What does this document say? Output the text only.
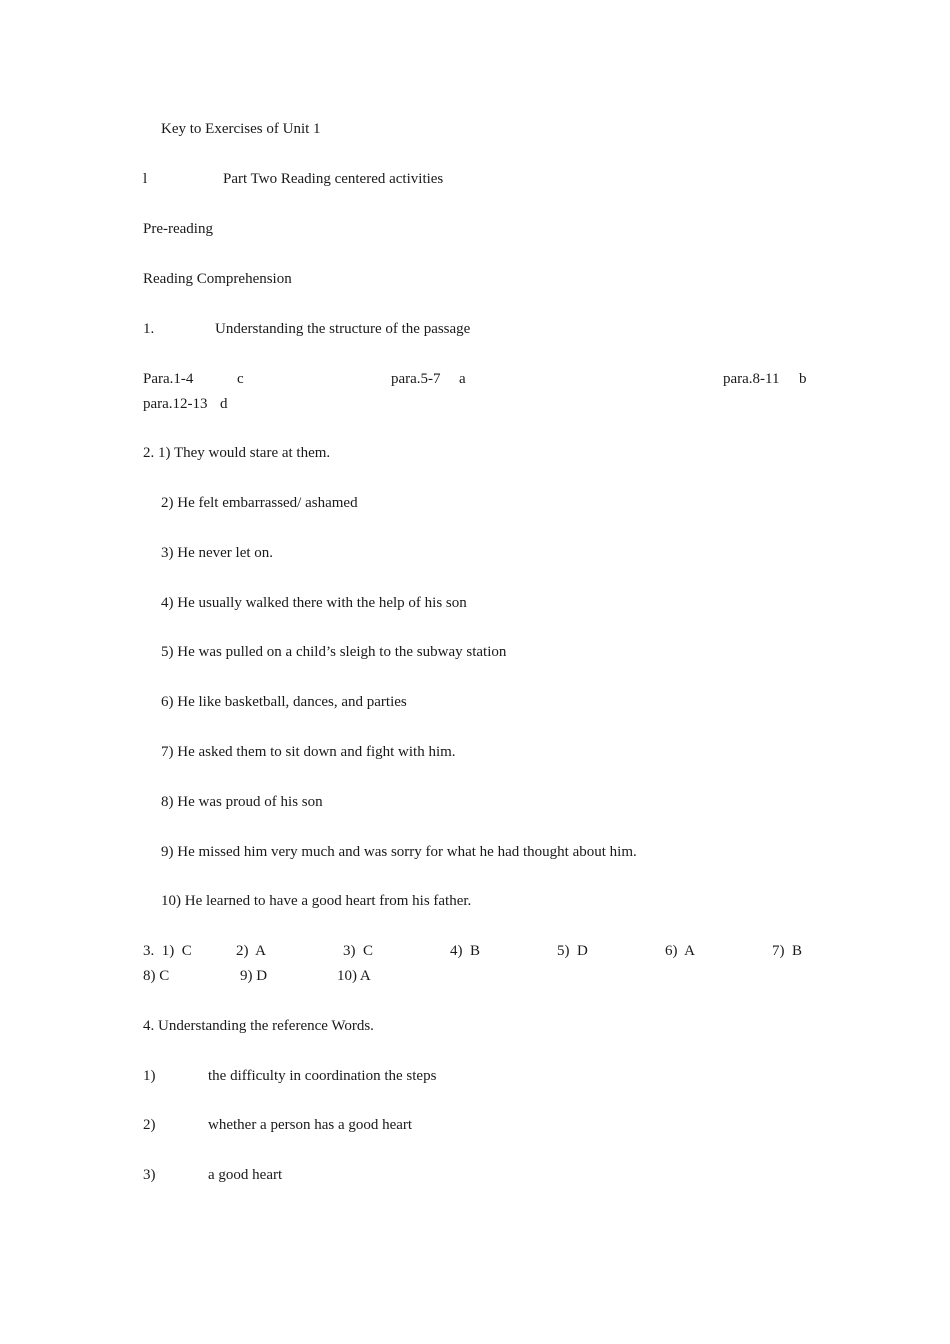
Key to Exercises of Unit 1
l	Part Two Reading centered activities
Pre-reading
Reading Comprehension
1.	Understanding the structure of the passage
Para.1-4	c	para.5-7 a	para.8-11 b
para.12-13 d
2. 1) They would stare at them.
2) He felt embarrassed/ ashamed
3) He never let on.
4) He usually walked there with the help of his son
5) He was pulled on a child’s sleigh to the subway station
6) He like basketball, dances, and parties
7) He asked them to sit down and fight with him.
8) He was proud of his son
9) He missed him very much and was sorry for what he had thought about him.
10) He learned to have a good heart from his father.
3.  1)  C	2)  A	3)  C	4)  B	5)  D	6)  A	7)  B
8) C	9) D	10) A
4. Understanding the reference Words.
1)	the difficulty in coordination the steps
2)	whether a person has a good heart
3)	a good heart
